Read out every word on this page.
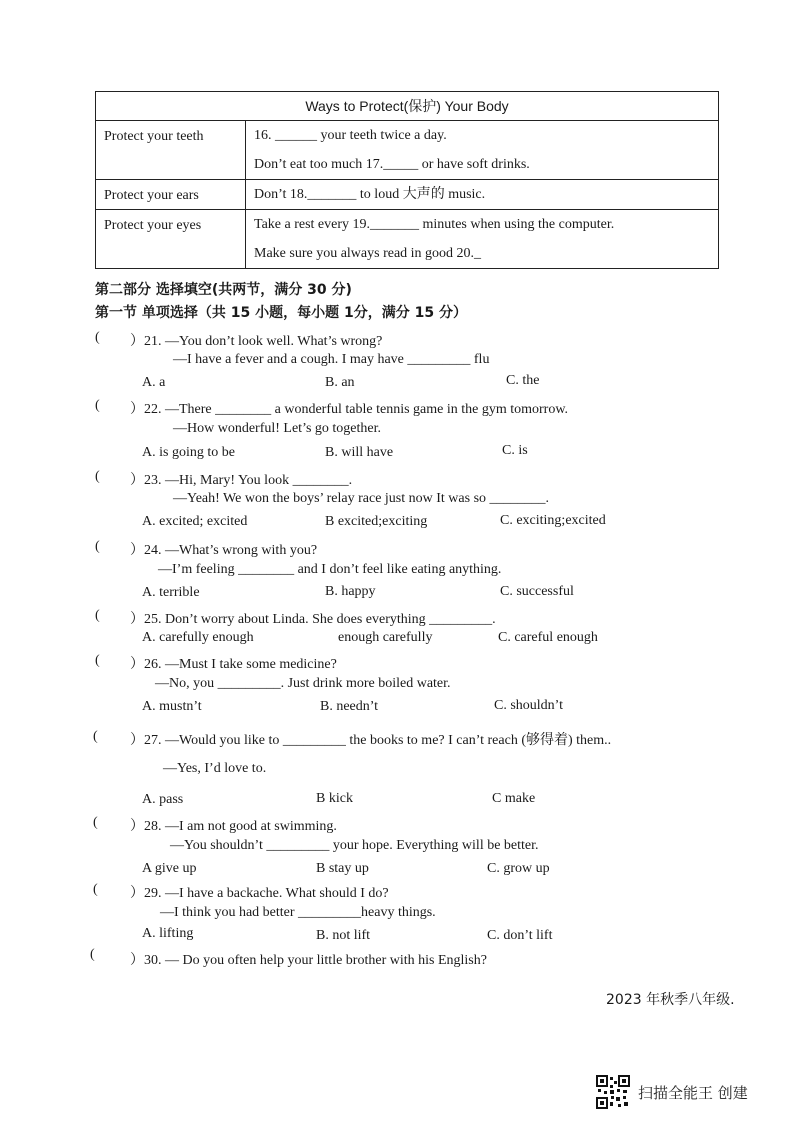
Ways to Protect(保护) Your Body
Protect your teeth	16. ______ your teeth twice a day.
Don’t eat too much 17._____ or have soft drinks.
Protect your ears	Don’t 18._______ to loud 大声的 music.
Protect your eyes	Take a rest every 19._______ minutes when using the computer.
Make sure you always read in good 20._
第二部分 选择填空(共两节，满分 30 分)
第一节 单项选择（共 15 小题，每小题 1分，满分 15 分）
( ）21. —You don’t look well. What’s wrong?
—I have a fever and a cough. I may have _________ flu
A. a	B. an	C. the
( ）22. —There ________ a wonderful table tennis game in the gym tomorrow.
—How wonderful! Let’s go together.
A. is going to be	B. will have	C. is
( ）23. —Hi, Mary! You look ________.
—Yeah! We won the boys’ relay race just now It was so ________.
A. excited; excited	B excited;exciting	C. exciting;excited
( ）24. —What’s wrong with you?
—I’m feeling ________ and I don’t feel like eating anything.
A. terrible	B. happy	C. successful
( ）25. Don’t worry about Linda. She does everything _________.
A. carefully enough	enough carefully	C. careful enough
( ）26. —Must I take some medicine?
—No, you _________. Just drink more boiled water.
A. mustn’t	B. needn’t	C. shouldn’t
( ）27. —Would you like to _________ the books to me? I can’t reach (够得着) them..
—Yes, I’d love to.
A. pass	B kick	C make
( ）28. —I am not good at swimming.
—You shouldn’t _________ your hope. Everything will be better.
A give up	B stay up	C. grow up
( ）29. —I have a backache. What should I do?
—I think you had better _________heavy things.
A. lifting	B. not lift	C. don’t lift
(	）30. — Do you often help your little brother with his English?
2023 年秋季八年级.
扫描全能王 创建
